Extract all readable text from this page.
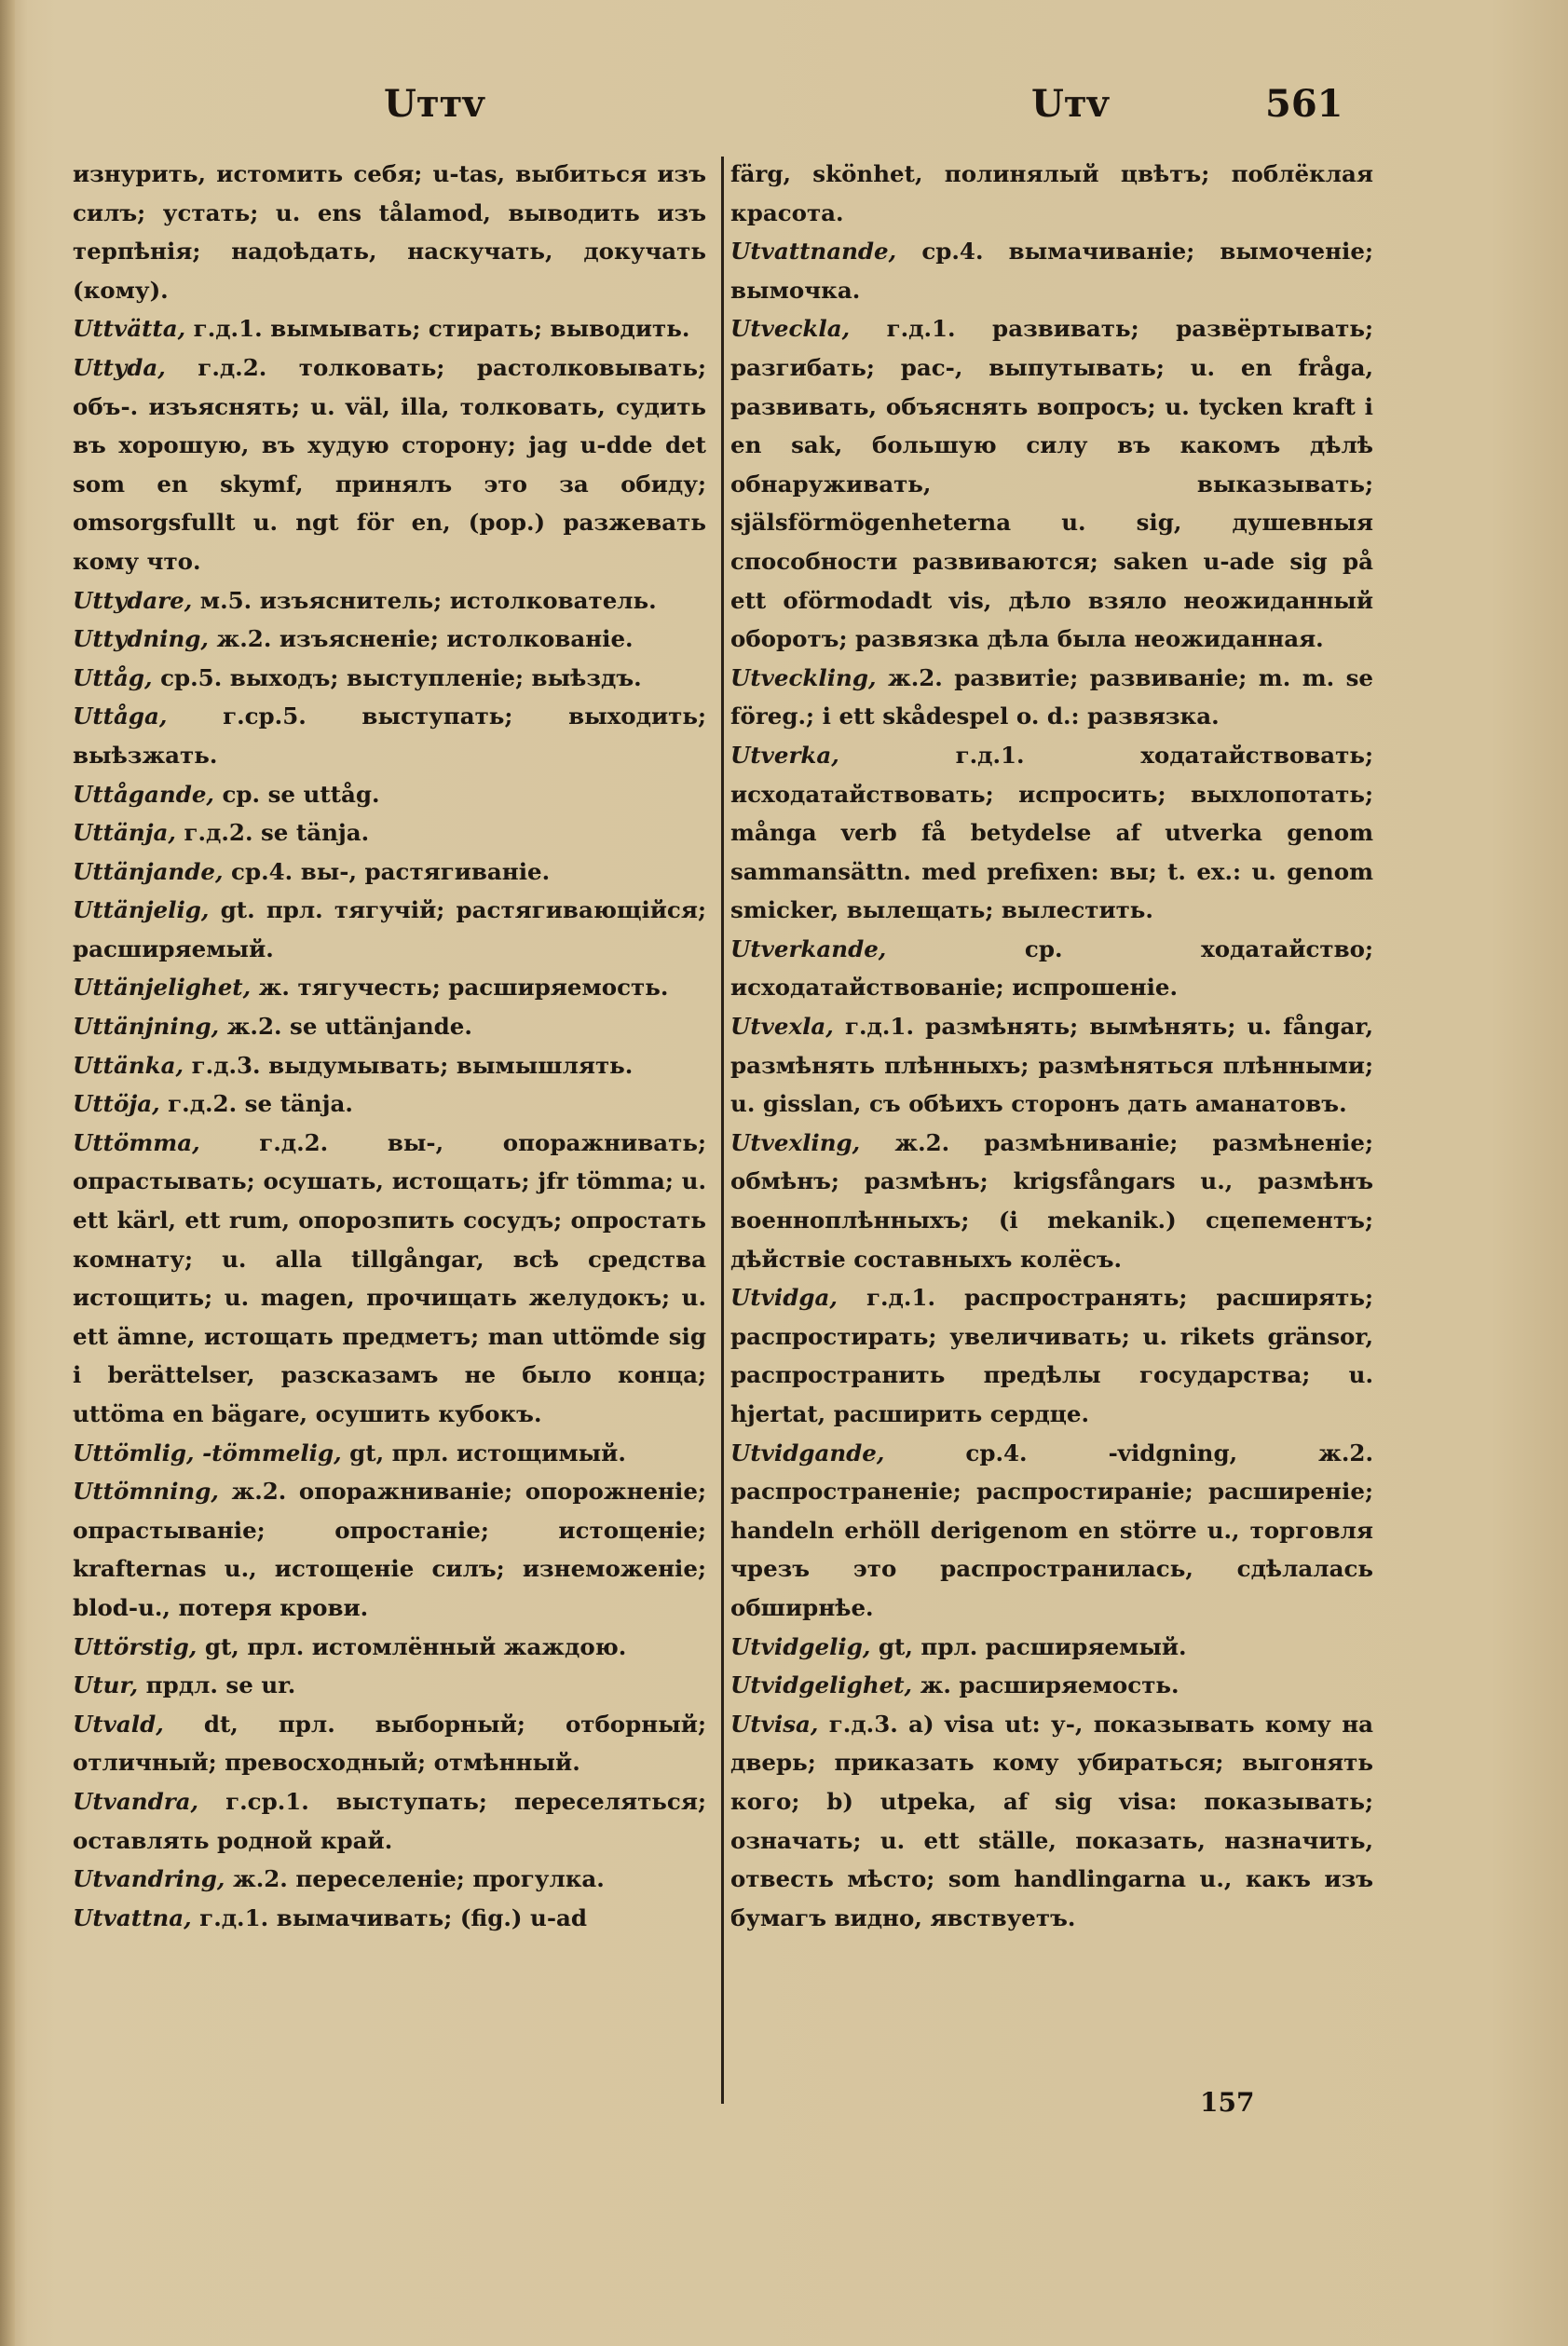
Uттv	Uтv	561

изнурить, истомить себя; u-tas, выбиться изъ силъ; устать; u. ens tålamod, выводить изъ терпѣнія; надоѣдать, наскучать, докучать (кому).

Uttvätta, г.д.1. вымывать; стирать; выводить.

Uttyda, г.д.2. толковать; растолковывать; объ-. изъяснять; u. väl, illa, толковать, судить въ хорошую, въ худую сторону; jag u-dde det som en skymf, принялъ это за обиду; omsorgsfullt u. ngt för en, (рор.) разжевать кому что.

Uttydare, м.5. изъяснитель; истолкователь.

Uttydning, ж.2. изъясненіе; истолкованіе.

Uttåg, ср.5. выходъ; выступленіе; выѣздъ.

Uttåga, г.ср.5. выступать; выходить; выѣзжать.

Uttågande, ср. se uttåg.

Uttänja, г.д.2. se tänja.

Uttänjande, ср.4. вы-, растягиваніе.

Uttänjelig, gt. прл. тягучій; растягивающійся; расширяемый.

Uttänjelighet, ж. тягучесть; расширяемость.

Uttänjning, ж.2. se uttänjande.

Uttänka, г.д.3. выдумывать; вымышлять.

Uttöja, г.д.2. se tänja.

Uttömma, г.д.2. вы-, опоражнивать; опрастывать; осушать, истощать; jfr tömma; u. ett kärl, ett rum, опорозпить сосудъ; опростать комнату; u. alla tillgångar, всѣ средства истощить; u. magen, прочищать желудокъ; u. ett ämne, истощать предметъ; man uttömde sig i berättelser, разсказамъ не было конца; uttöma en bägare, осушить кубокъ.

Uttömlig, -tömmelig, gt, прл. истощимый.

Uttömning, ж.2. опоражниваніе; опорожненіе; опрастываніе; опростаніе; истощеніе; krafternas u., истощеніе силъ; изнеможеніе; blod-u., потеря крови.

Uttörstig, gt, прл. истомлённый жаждою.

Utur, прдл. se ur.

Utvald, dt, прл. выборный; отборный; отличный; превосходный; отмѣнный.

Utvandra, г.ср.1. выступать; переселяться; оставлять родной край.

Utvandring, ж.2. переселеніе; прогулка.

Utvattna, г.д.1. вымачивать; (fig.) u-ad

färg, skönhet, полинялый цвѣтъ; поблёклая красота.

Utvattnande, ср.4. вымачиваніе; вымоченіе; вымочка.

Utveckla, г.д.1. развивать; развёртывать; разгибать; рас-, выпутывать; u. en fråga, развивать, объяснять вопросъ; u. tycken kraft i en sak, большую силу въ какомъ дѣлѣ обнаруживать, выказывать; själsförmögenheterna u. sig, душевныя способности развиваются; saken u-ade sig på ett oförmodadt vis, дѣло взяло неожиданный оборотъ; развязка дѣла была неожиданная.

Utveckling, ж.2. развитіе; развиваніе; m. m. se föreg.; i ett skådespel o. d.: развязка.

Utverka, г.д.1. ходатайствовать; исходатайствовать; испросить; выхлопотать; många verb få betydelse af utverka genom sammansättn. med prefixen: вы; t. ex.: u. genom smicker, вылещать; вылестить.

Utverkande, ср. ходатайство; исходатайствованіе; испрошеніе.

Utvexla, г.д.1. размѣнять; вымѣнять; u. fångar, размѣнять плѣнныхъ; размѣняться плѣнными; u. gisslan, съ обѣихъ сторонъ дать аманатовъ.

Utvexling, ж.2. размѣниваніе; размѣненіе; обмѣнъ; размѣнъ; krigsfångars u., размѣнъ военноплѣнныхъ; (i mekanik.) сцепементъ; дѣйствіе составныхъ колёсъ.

Utvidga, г.д.1. распространять; расширять; распростирать; увеличивать; u. rikets gränsor, распространить предѣлы государства; u. hjertat, расширить сердце.

Utvidgande, ср.4. -vidgning, ж.2. распространеніе; распростираніе; расширеніе; handeln erhöll derigenom en större u., торговля чрезъ это распространилась, сдѣлалась обширнѣе.

Utvidgelig, gt, прл. расширяемый.

Utvidgelighet, ж. расширяемость.

Utvisa, г.д.3. a) visa ut: у-, показывать кому на дверь; приказать кому убираться; выгонять кого; b) utpeka, af sig visa: показывать; означать; u. ett ställe, показать, назначить, отвесть мѣсто; som handlingarna u., какъ изъ бумагъ видно, явствуетъ.

157
